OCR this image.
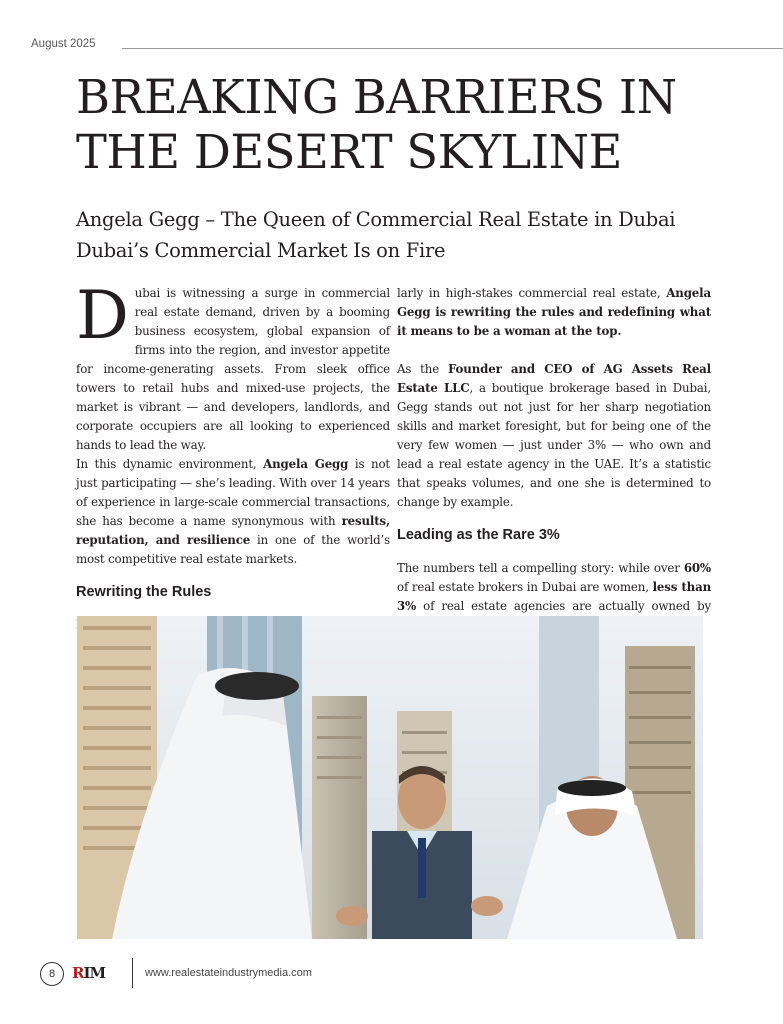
August 2025
BREAKING BARRIERS IN
THE DESERT SKYLINE
Angela Gegg – The Queen of Commercial Real Estate in Dubai
Dubai’s Commercial Market Is on Fire

Dubai is witnessing a surge in commercial real estate demand, driven by a booming business ecosystem, global expansion of firms into the region, and investor appetite for income-generating assets. From sleek office towers to retail hubs and mixed-use projects, the market is vibrant — and developers, landlords, and corporate occupiers are all looking to experienced hands to lead the way.

In this dynamic environment, Angela Gegg is not just participating — she’s leading. With over 14 years of experience in large-scale commercial transactions, she has become a name synonymous with results, reputation, and resilience in one of the world’s most competitive real estate markets.

Rewriting the Rules

larly in high-stakes commercial real estate, Angela Gegg is rewriting the rules and redefining what it means to be a woman at the top.

As the Founder and CEO of AG Assets Real Estate LLC, a boutique brokerage based in Dubai, Gegg stands out not just for her sharp negotiation skills and market foresight, but for being one of the very few women — just under 3% — who own and lead a real estate agency in the UAE. It’s a statistic that speaks volumes, and one she is determined to change by example.

Leading as the Rare 3%

The numbers tell a compelling story: while over 60% of real estate brokers in Dubai are women, less than 3% of real estate agencies are actually owned by

8	RIM	www.realestateindustrymedia.com
